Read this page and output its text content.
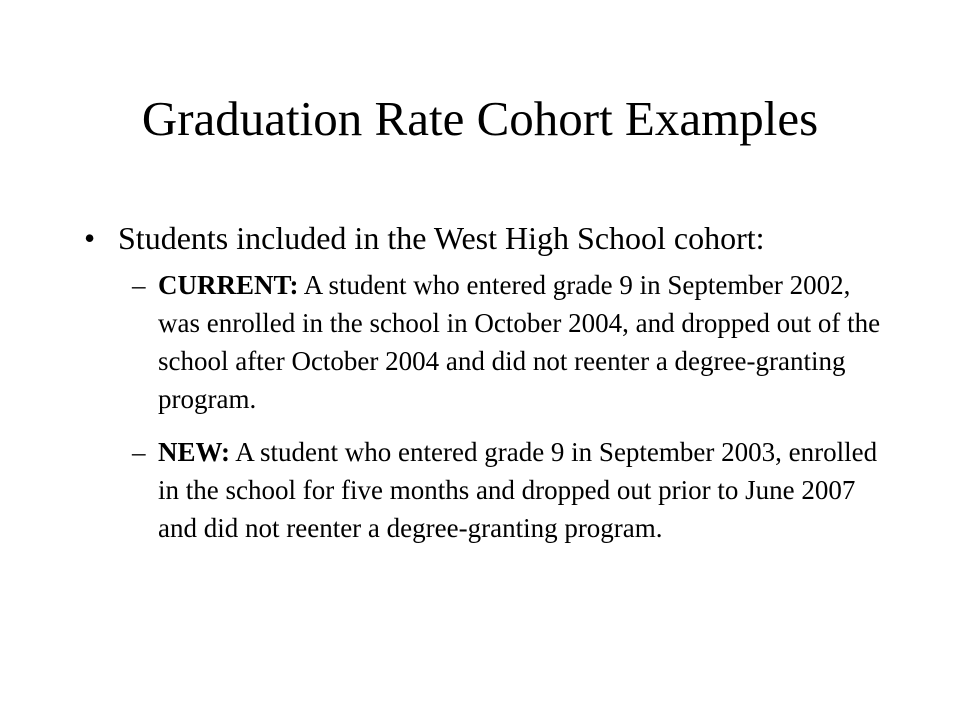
Graduation Rate Cohort Examples
• Students included in the West High School cohort:
– CURRENT: A student who entered grade 9 in September 2002, was enrolled in the school in October 2004, and dropped out of the school after October 2004 and did not reenter a degree-granting program.
– NEW: A student who entered grade 9 in September 2003, enrolled in the school for five months and dropped out prior to June 2007 and did not reenter a degree-granting program.
